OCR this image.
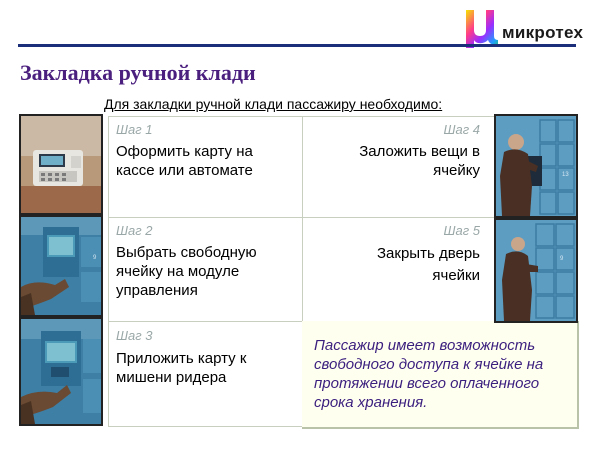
микротех
Закладка ручной клади
Для закладки ручной клади пассажиру необходимо:
Шаг 1
Оформить карту на кассе или автомате
Шаг 2
Выбрать свободную ячейку на модуле управления
Шаг 3
Приложить карту к мишени ридера
Шаг 4
Заложить вещи в ячейку
Шаг 5
Закрыть дверь ячейки
Пассажир имеет возможность свободного доступа к ячейке на протяжении всего оплаченного срока хранения.
9
13
9
